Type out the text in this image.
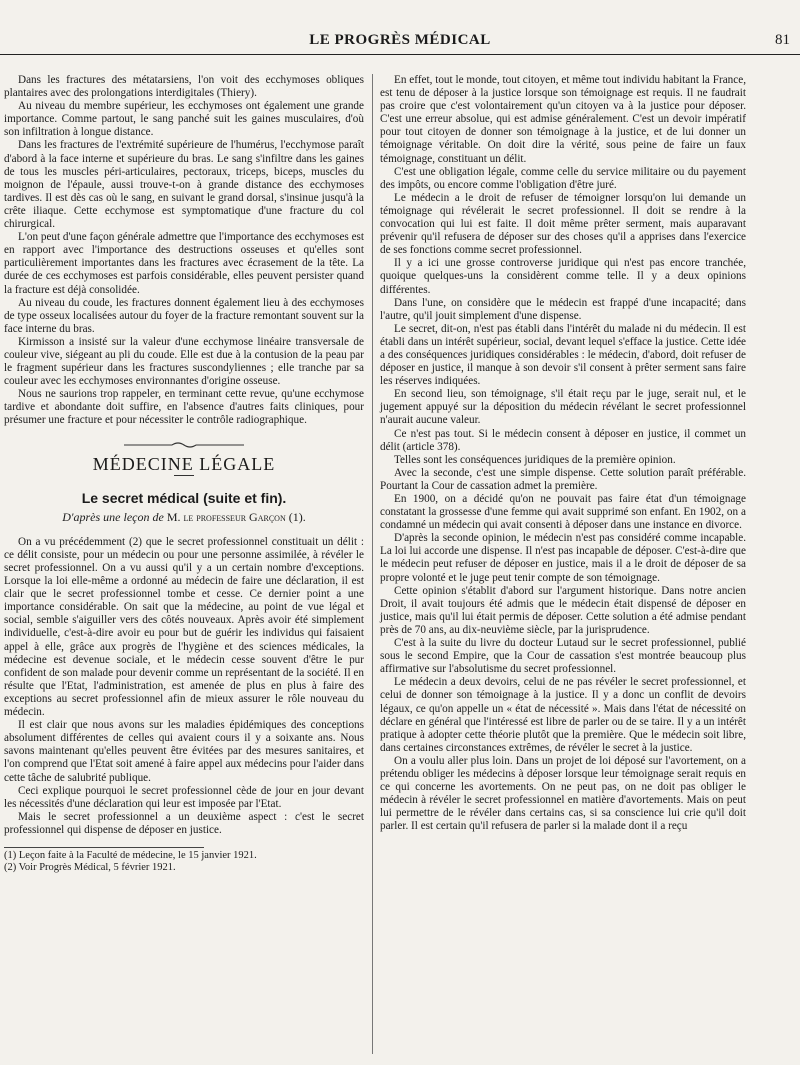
LE PROGRÈS MÉDICAL	81

Dans les fractures des métatarsiens, l'on voit des ecchymoses obliques plantaires avec des prolongations interdigitales (Thiery).

Au niveau du membre supérieur, les ecchymoses ont également une grande importance. Comme partout, le sang panché suit les gaines musculaires, d'où son infiltration à longue distance.

Dans les fractures de l'extrémité supérieure de l'humérus, l'ecchymose paraît d'abord à la face interne et supérieure du bras. Le sang s'infiltre dans les gaines de tous les muscles péri-articulaires, pectoraux, triceps, biceps, muscles du moignon de l'épaule, aussi trouve-t-on à grande distance des ecchymoses tardives. Il est dès cas où le sang, en suivant le grand dorsal, s'insinue jusqu'à la crête iliaque. Cette ecchymose est symptomatique d'une fracture du col chirurgical.

L'on peut d'une façon générale admettre que l'importance des ecchymoses est en rapport avec l'importance des destructions osseuses et qu'elles sont particulièrement importantes dans les fractures avec écrasement de la tête. La durée de ces ecchymoses est parfois considérable, elles peuvent persister quand la fracture est déjà consolidée.

Au niveau du coude, les fractures donnent également lieu à des ecchymoses de type osseux localisées autour du foyer de la fracture remontant souvent sur la face interne du bras.

Kirmisson a insisté sur la valeur d'une ecchymose linéaire transversale de couleur vive, siégeant au pli du coude. Elle est due à la contusion de la peau par le fragment supérieur dans les fractures suscondyliennes ; elle tranche par sa couleur avec les ecchymoses environnantes d'origine osseuse.

Nous ne saurions trop rappeler, en terminant cette revue, qu'une ecchymose tardive et abondante doit suffire, en l'absence d'autres faits cliniques, pour présumer une fracture et pour nécessiter le contrôle radiographique.

MÉDECINE LÉGALE
Le secret médical (suite et fin).
D'après une leçon de M. le professeur Garçon (1).

On a vu précédemment (2) que le secret professionnel constituait un délit : ce délit consiste, pour un médecin ou pour une personne assimilée, à révéler le secret professionnel. On a vu aussi qu'il y a un certain nombre d'exceptions. Lorsque la loi elle-même a ordonné au médecin de faire une déclaration, il est clair que le secret professionnel tombe et cesse. Ce dernier point a une importance considérable. On sait que la médecine, au point de vue légal et social, semble s'aiguiller vers des côtés nouveaux. Après avoir été simplement individuelle, c'est-à-dire avoir eu pour but de guérir les individus qui faisaient appel à elle, grâce aux progrès de l'hygiène et des sciences médicales, la médecine est devenue sociale, et le médecin cesse souvent d'être le pur confident de son malade pour devenir comme un représentant de la société. Il en résulte que l'Etat, l'administration, est amenée de plus en plus à faire des exceptions au secret professionnel afin de mieux assurer le rôle nouveau du médecin.

Il est clair que nous avons sur les maladies épidémiques des conceptions absolument différentes de celles qui avaient cours il y a soixante ans. Nous savons maintenant qu'elles peuvent être évitées par des mesures sanitaires, et l'on comprend que l'Etat soit amené à faire appel aux médecins pour l'aider dans cette tâche de salubrité publique.

Ceci explique pourquoi le secret professionnel cède de jour en jour devant les nécessités d'une déclaration qui leur est imposée par l'Etat.

Mais le secret professionnel a un deuxième aspect : c'est le secret professionnel qui dispense de déposer en justice.

(1) Leçon faite à la Faculté de médecine, le 15 janvier 1921.

(2) Voir Progrès Médical, 5 février 1921.

En effet, tout le monde, tout citoyen, et même tout individu habitant la France, est tenu de déposer à la justice lorsque son témoignage est requis. Il ne faudrait pas croire que c'est volontairement qu'un citoyen va à la justice pour déposer. C'est une erreur absolue, qui est admise généralement. C'est un devoir impératif pour tout citoyen de donner son témoignage à la justice, et de lui donner un témoignage véritable. On doit dire la vérité, sous peine de faire un faux témoignage, constituant un délit.

C'est une obligation légale, comme celle du service militaire ou du payement des impôts, ou encore comme l'obligation d'être juré.

Le médecin a le droit de refuser de témoigner lorsqu'on lui demande un témoignage qui révélerait le secret professionnel. Il doit se rendre à la convocation qui lui est faite. Il doit même prêter serment, mais auparavant prévenir qu'il refusera de déposer sur des choses qu'il a apprises dans l'exercice de ses fonctions comme secret professionnel.

Il y a ici une grosse controverse juridique qui n'est pas encore tranchée, quoique quelques-uns la considèrent comme telle. Il y a deux opinions différentes.

Dans l'une, on considère que le médecin est frappé d'une incapacité; dans l'autre, qu'il jouit simplement d'une dispense.

Le secret, dit-on, n'est pas établi dans l'intérêt du malade ni du médecin. Il est établi dans un intérêt supérieur, social, devant lequel s'efface la justice. Cette idée a des conséquences juridiques considérables : le médecin, d'abord, doit refuser de déposer en justice, il manque à son devoir s'il consent à prêter serment sans faire les réserves indiquées.

En second lieu, son témoignage, s'il était reçu par le juge, serait nul, et le jugement appuyé sur la déposition du médecin révélant le secret professionnel n'aurait aucune valeur.

Ce n'est pas tout. Si le médecin consent à déposer en justice, il commet un délit (article 378).

Telles sont les conséquences juridiques de la première opinion.

Avec la seconde, c'est une simple dispense. Cette solution paraît préférable. Pourtant la Cour de cassation admet la première.

En 1900, on a décidé qu'on ne pouvait pas faire état d'un témoignage constatant la grossesse d'une femme qui avait supprimé son enfant. En 1902, on a condamné un médecin qui avait consenti à déposer dans une instance en divorce.

D'après la seconde opinion, le médecin n'est pas considéré comme incapable. La loi lui accorde une dispense. Il n'est pas incapable de déposer. C'est-à-dire que le médecin peut refuser de déposer en justice, mais il a le droit de déposer de sa propre volonté et le juge peut tenir compte de son témoignage.

Cette opinion s'établit d'abord sur l'argument historique. Dans notre ancien Droit, il avait toujours été admis que le médecin était dispensé de déposer en justice, mais qu'il lui était permis de déposer. Cette solution a été admise pendant près de 70 ans, au dix-neuvième siècle, par la jurisprudence.

C'est à la suite du livre du docteur Lutaud sur le secret professionnel, publié sous le second Empire, que la Cour de cassation s'est montrée beaucoup plus affirmative sur l'absolutisme du secret professionnel.

Le médecin a deux devoirs, celui de ne pas révéler le secret professionnel, et celui de donner son témoignage à la justice. Il y a donc un conflit de devoirs légaux, ce qu'on appelle un « état de nécessité ». Mais dans l'état de nécessité on déclare en général que l'intéressé est libre de parler ou de se taire. Il y a un intérêt pratique à adopter cette théorie plutôt que la première. Que le médecin soit libre, dans certaines circonstances extrêmes, de révéler le secret à la justice.

On a voulu aller plus loin. Dans un projet de loi déposé sur l'avortement, on a prétendu obliger les médecins à déposer lorsque leur témoignage serait requis en ce qui concerne les avortements. On ne peut pas, on ne doit pas obliger le médecin à révéler le secret professionnel en matière d'avortements. Mais on peut lui permettre de le révéler dans certains cas, si sa conscience lui crie qu'il doit parler. Il est certain qu'il refusera de parler si la malade dont il a reçu
